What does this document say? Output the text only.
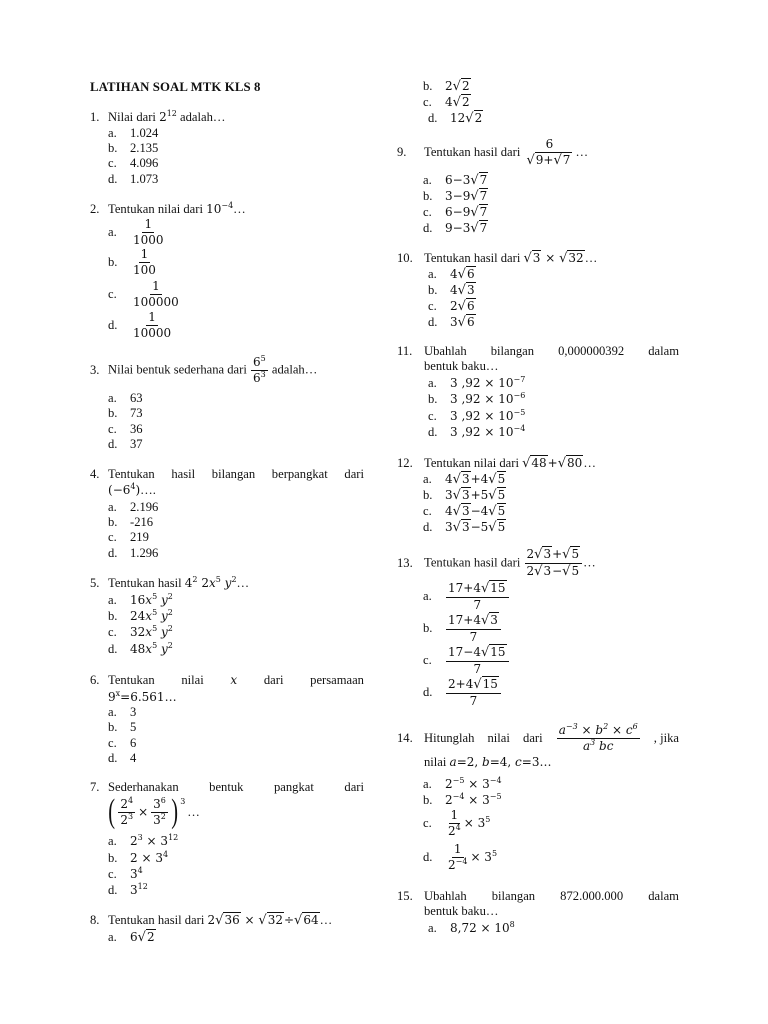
LATIHAN SOAL MTK KLS 8
1. Nilai dari $2^{12}$ adalah…
a.	1.024
b. 2.135
c.	4.096
d. 1.073
2. Tentukan nilai dari $10^{-4}\dots$
a.	$\frac{1}{1000}$
b.	$\frac{1}{100}$
c.	$\frac{1}{100000}$
d.	$\frac{1}{10000}$
3. Nilai bentuk sederhana dari $\frac{6^5}{6^3}$ adalah…
a.	63
b. 73
c.	36
d. 37
4. Tentukan hasil bilangan berpangkat dari
$(-6^4)\dots$.
a.	2.196
b. -216
c.	219
d. 1.296
5. Tentukan hasil $4^2$ $2x^5$ $y^2\dots$
a.	$16x^5$ $y^2$
b.	$24x^5$ $y^2$
c.	$32x^5$ $y^2$
d.	$48x^5$ $y^2$
6. Tentukan nilai x dari persamaan
$9^x=6.561\dots$
a.	3
b. 5
c.	6
d. 4
7. Sederhanakan bentuk pangkat dari
( $\frac{2^4}{2^3} \times \frac{3^6}{3^2}$ ) 3
…
a.	$2^3 \times 3^{12}$
b.	$2 \times 3^4$
c.	$3^4$
d.	$3^{12}$
8. Tentukan hasil dari 2√36 × √32÷√64…
a.	6√2
b.	2√2
c.	4√2
d.	12√2
9.	Tentukan hasil dari $\frac{6}{√9+√7}$ …
a.	6−3√7
b.	3−9√7
c.	6−9√7
d.	9−3√7
10. Tentukan hasil dari √3 × √32…
a.	4√6
b.	4√3
c.	2√6
d.	3√6
11. Ubahlah bilangan 0,000000392 dalam
bentuk baku…
a.	3 $,92 \times 10^{-7}$
b.	3 $,92 \times 10^{-6}$
c.	3 $,92 \times 10^{-5}$
d.	3 $,92 \times 10^{-4}$
12. Tentukan nilai dari √48+√80…
a.	4√3+4√5
b.	3√3+5√5
c.	4√3−4√5
d.	3√3−5√5
13. Tentukan hasil dari $\frac{2√3+√5}{2√3-√5}$ …
a.	$\frac{17+4√15}{7}$
b.	$\frac{17+4√3}{7}$
c.	$\frac{17-4√15}{7}$
d.	$\frac{2+4√15}{7}$
14. Hitunglah nilai dari $\frac{a^{-3} \times b^2 \times c^6}{a^3 bc}$ , jika
nilai a=2, b=4, c=3…
a.	$2^{-5} \times 3^{-4}$
b.	$2^{-4} \times 3^{-5}$
c.	$\frac{1}{2^4} \times 3^5$
d.	$\frac{1}{2^{-4}} \times 3^5$
15. Ubahlah bilangan 872.000.000 dalam
bentuk baku…
a.	$8,72 \times 10^8$
